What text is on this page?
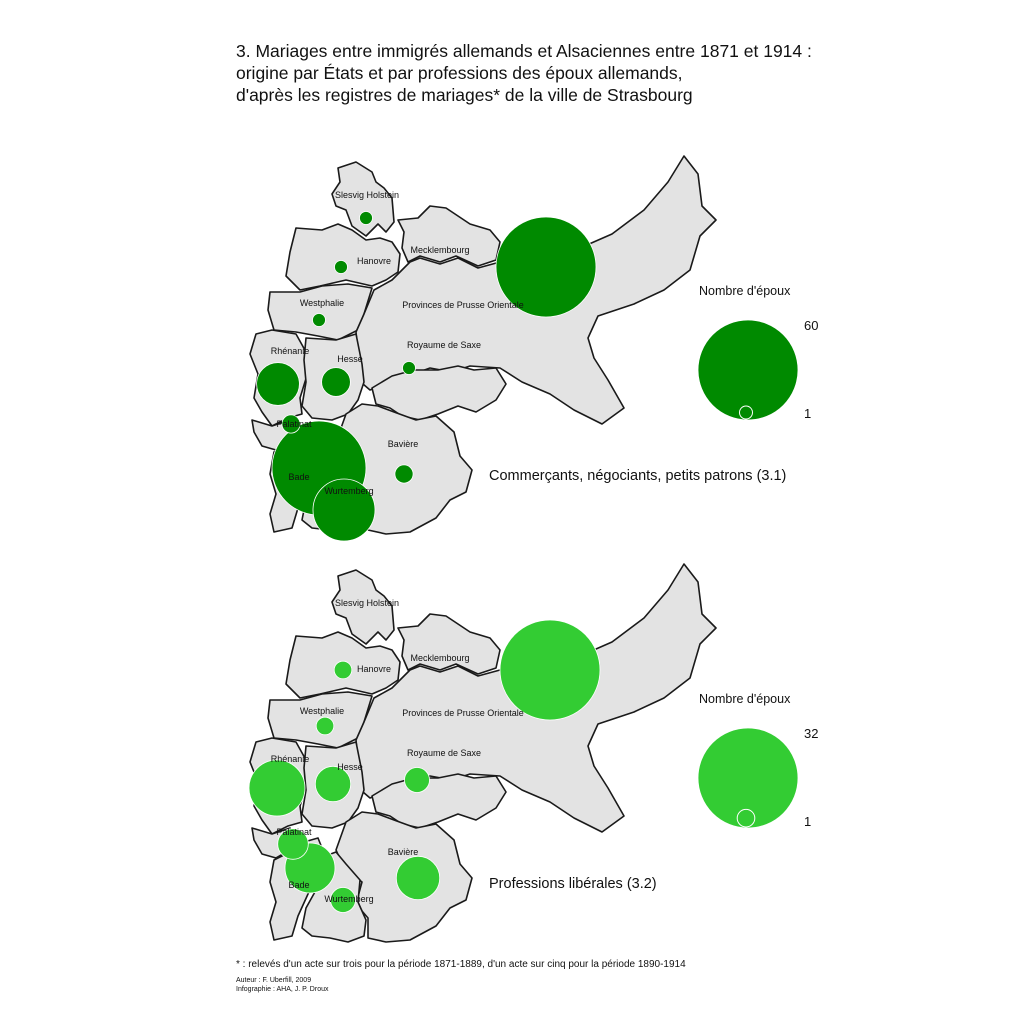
3. Mariages entre immigrés allemands et Alsaciennes entre 1871 et 1914 :
origine par États et par professions des époux allemands,
d'après les registres de mariages* de la ville de Strasbourg
Slesvig Holstein
Mecklembourg
Hanovre
Westphalie	Provinces de Prusse Orientale
Rhénanie
Hesse
Royaume de Saxe
Palatinat
Bavière
Bade
Wurtemberg
Nombre d'époux
60
1
Commerçants, négociants, petits patrons (3.1)
Slesvig Holstein
Mecklembourg
Hanovre
Westphalie	Provinces de Prusse Orientale
Rhénanie
Hesse
Royaume de Saxe
Palatinat
Bavière
Bade
Wurtemberg
Nombre d'époux
32
1
Professions libérales (3.2)
* : relevés d'un acte sur trois pour la période 1871-1889, d'un acte sur cinq pour la période 1890-1914
Auteur : F. Uberfill, 2009
Infographie : AHA, J. P. Droux
